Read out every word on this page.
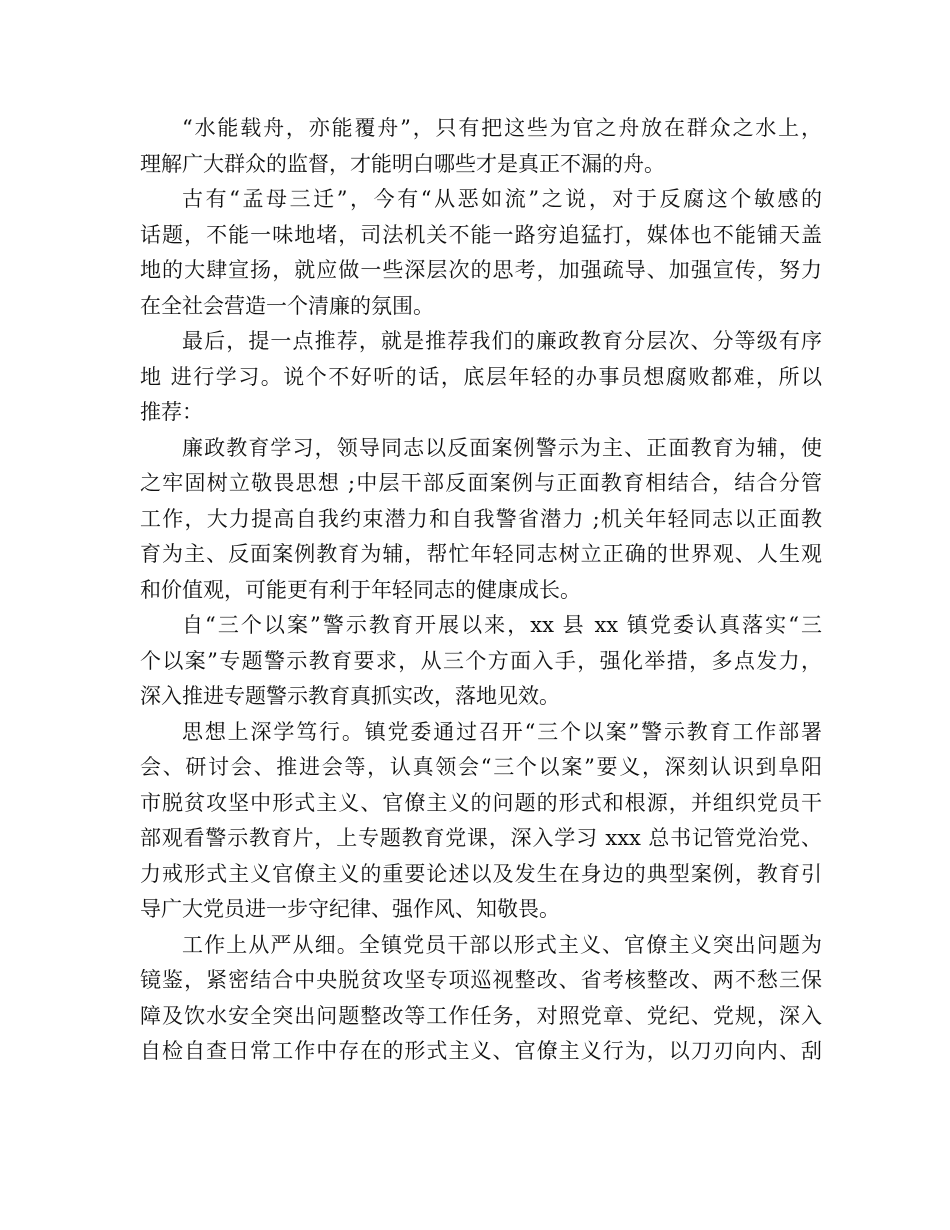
“水能载舟，亦能覆舟”，只有把这些为官之舟放在群众之水上，
理解广大群众的监督，才能明白哪些才是真正不漏的舟。
古有“孟母三迁”，今有“从恶如流”之说，对于反腐这个敏感的
话题，不能一味地堵，司法机关不能一路穷追猛打，媒体也不能铺天盖
地的大肆宣扬，就应做一些深层次的思考，加强疏导、加强宣传，努力
在全社会营造一个清廉的氛围。
最后，提一点推荐，就是推荐我们的廉政教育分层次、分等级有序
地 进行学习。说个不好听的话，底层年轻的办事员想腐败都难，所以
推荐：
廉政教育学习，领导同志以反面案例警示为主、正面教育为辅，使
之牢固树立敬畏思想 ;中层干部反面案例与正面教育相结合，结合分管
工作，大力提高自我约束潜力和自我警省潜力 ;机关年轻同志以正面教
育为主、反面案例教育为辅，帮忙年轻同志树立正确的世界观、人生观
和价值观，可能更有利于年轻同志的健康成长。
自“三个以案”警示教育开展以来，xx 县 xx 镇党委认真落实“三
个以案”专题警示教育要求，从三个方面入手，强化举措，多点发力，
深入推进专题警示教育真抓实改，落地见效。
思想上深学笃行。镇党委通过召开“三个以案”警示教育工作部署
会、研讨会、推进会等，认真领会“三个以案”要义，深刻认识到阜阳
市脱贫攻坚中形式主义、官僚主义的问题的形式和根源，并组织党员干
部观看警示教育片，上专题教育党课，深入学习 xxx 总书记管党治党、
力戒形式主义官僚主义的重要论述以及发生在身边的典型案例，教育引
导广大党员进一步守纪律、强作风、知敬畏。
工作上从严从细。全镇党员干部以形式主义、官僚主义突出问题为
镜鉴，紧密结合中央脱贫攻坚专项巡视整改、省考核整改、两不愁三保
障及饮水安全突出问题整改等工作任务，对照党章、党纪、党规，深入
自检自查日常工作中存在的形式主义、官僚主义行为，以刀刃向内、刮
